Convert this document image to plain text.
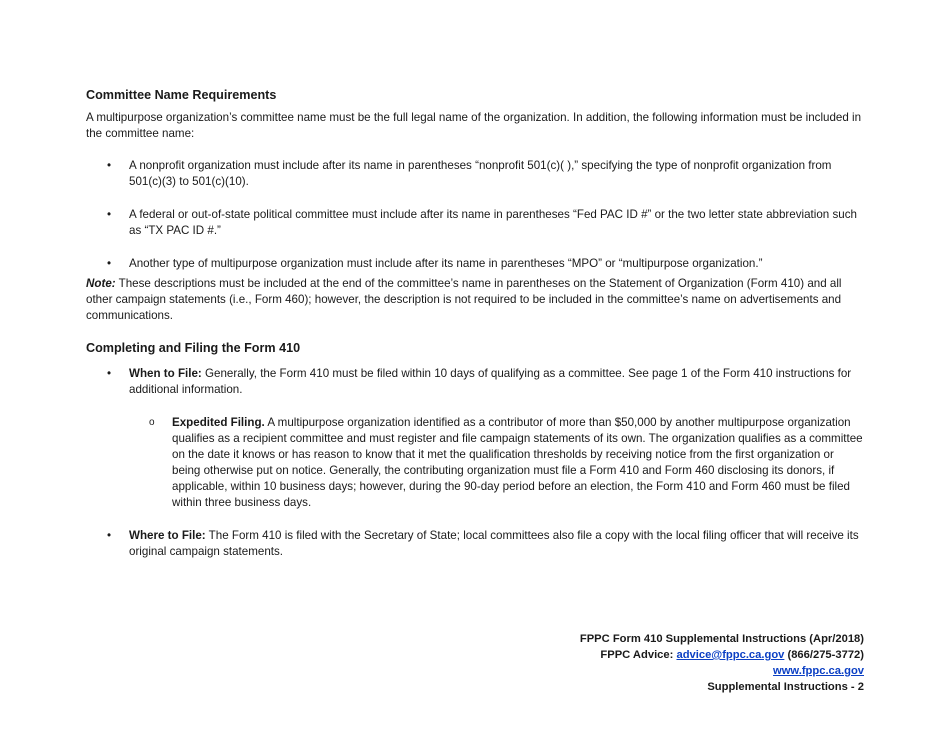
Committee Name Requirements

A multipurpose organization’s committee name must be the full legal name of the organization. In addition, the following information must be included in the committee name:

• A nonprofit organization must include after its name in parentheses “nonprofit 501(c)( ),” specifying the type of nonprofit organization from 501(c)(3) to 501(c)(10).
• A federal or out-of-state political committee must include after its name in parentheses “Fed PAC ID #” or the two letter state abbreviation such as “TX PAC ID #.”
• Another type of multipurpose organization must include after its name in parentheses “MPO” or “multipurpose organization.”

Note: These descriptions must be included at the end of the committee’s name in parentheses on the Statement of Organization (Form 410) and all other campaign statements (i.e., Form 460); however, the description is not required to be included in the committee’s name on advertisements and communications.

Completing and Filing the Form 410
• When to File: Generally, the Form 410 must be filed within 10 days of qualifying as a committee. See page 1 of the Form 410 instructions for additional information.
o Expedited Filing. A multipurpose organization identified as a contributor of more than $50,000 by another multipurpose organization qualifies as a recipient committee and must register and file campaign statements of its own. The organization qualifies as a committee on the date it knows or has reason to know that it met the qualification thresholds by receiving notice from the first organization or being otherwise put on notice. Generally, the contributing organization must file a Form 410 and Form 460 disclosing its donors, if applicable, within 10 business days; however, during the 90-day period before an election, the Form 410 and Form 460 must be filed within three business days.
• Where to File: The Form 410 is filed with the Secretary of State; local committees also file a copy with the local filing officer that will receive its original campaign statements.
FPPC Form 410 Supplemental Instructions (Apr/2018)
FPPC Advice: advice@fppc.ca.gov (866/275-3772)
www.fppc.ca.gov
Supplemental Instructions - 2
